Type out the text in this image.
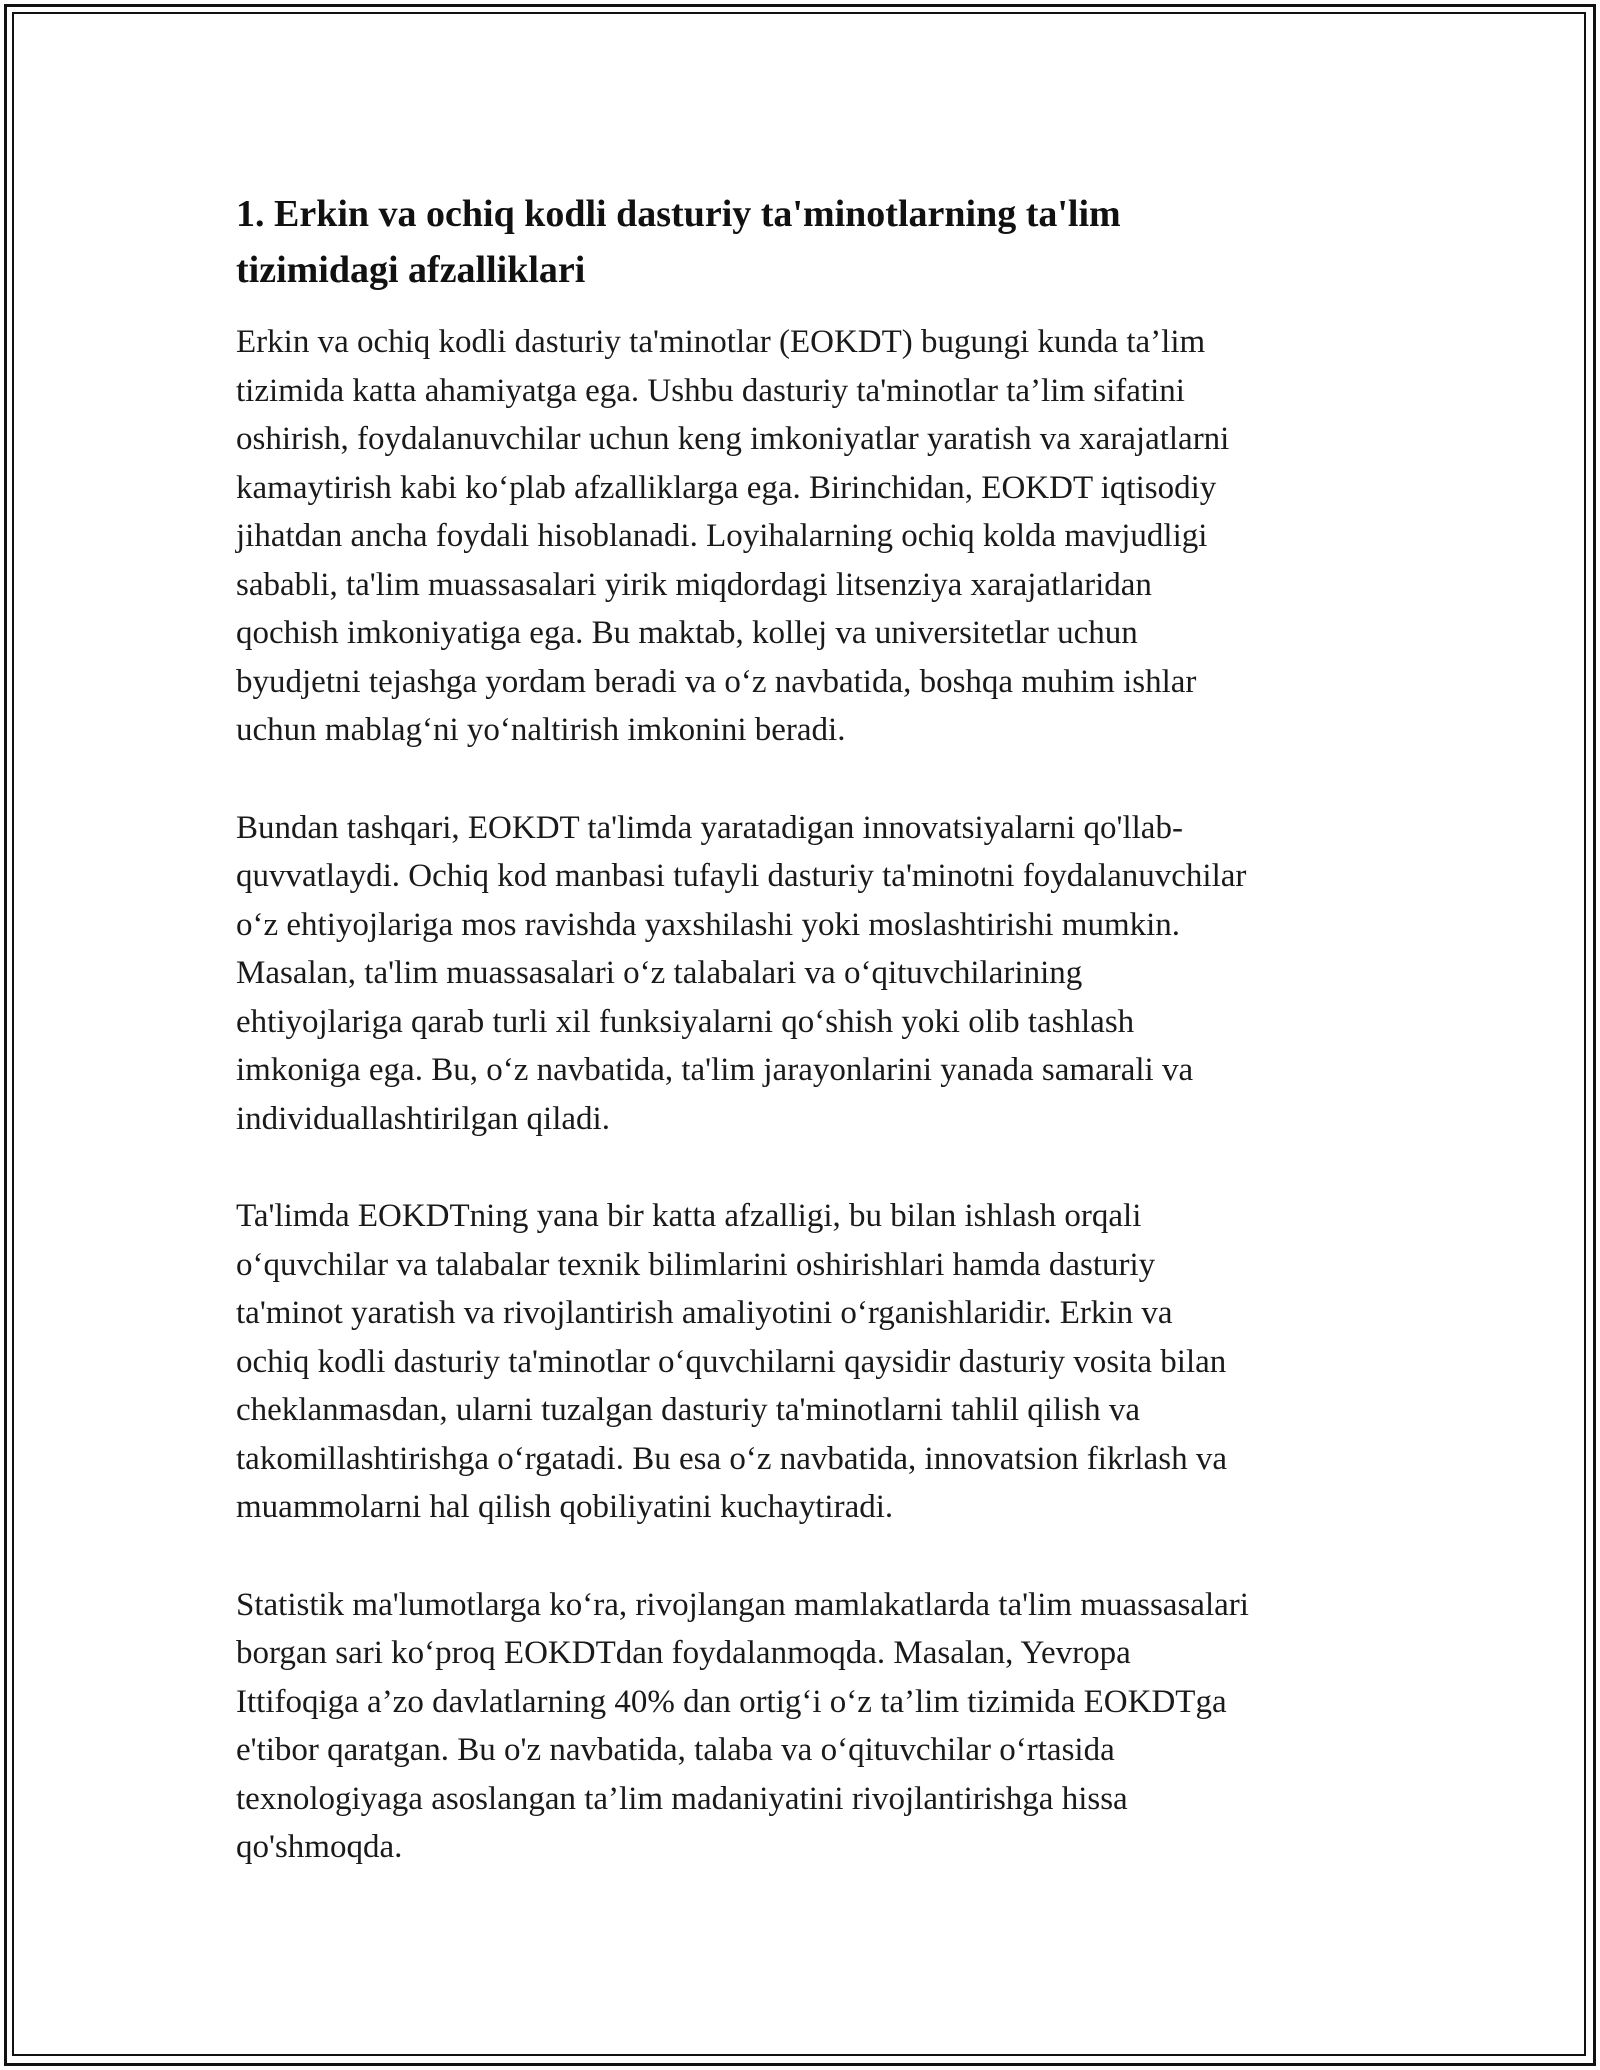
1. Erkin va ochiq kodli dasturiy ta'minotlarning ta'lim
tizimidagi afzalliklari

Erkin va ochiq kodli dasturiy ta'minotlar (EOKDT) bugungi kunda ta’lim
tizimida katta ahamiyatga ega. Ushbu dasturiy ta'minotlar ta’lim sifatini
oshirish, foydalanuvchilar uchun keng imkoniyatlar yaratish va xarajatlarni
kamaytirish kabi ko‘plab afzalliklarga ega. Birinchidan, EOKDT iqtisodiy
jihatdan ancha foydali hisoblanadi. Loyihalarning ochiq kolda mavjudligi
sababli, ta'lim muassasalari yirik miqdordagi litsenziya xarajatlaridan
qochish imkoniyatiga ega. Bu maktab, kollej va universitetlar uchun
byudjetni tejashga yordam beradi va o‘z navbatida, boshqa muhim ishlar
uchun mablag‘ni yo‘naltirish imkonini beradi.

Bundan tashqari, EOKDT ta'limda yaratadigan innovatsiyalarni qo'llab-
quvvatlaydi. Ochiq kod manbasi tufayli dasturiy ta'minotni foydalanuvchilar
o‘z ehtiyojlariga mos ravishda yaxshilashi yoki moslashtirishi mumkin.
Masalan, ta'lim muassasalari o‘z talabalari va o‘qituvchilarining
ehtiyojlariga qarab turli xil funksiyalarni qo‘shish yoki olib tashlash
imkoniga ega. Bu, o‘z navbatida, ta'lim jarayonlarini yanada samarali va
individuallashtirilgan qiladi.

Ta'limda EOKDTning yana bir katta afzalligi, bu bilan ishlash orqali
o‘quvchilar va talabalar texnik bilimlarini oshirishlari hamda dasturiy
ta'minot yaratish va rivojlantirish amaliyotini o‘rganishlaridir. Erkin va
ochiq kodli dasturiy ta'minotlar o‘quvchilarni qaysidir dasturiy vosita bilan
cheklanmasdan, ularni tuzalgan dasturiy ta'minotlarni tahlil qilish va
takomillashtirishga o‘rgatadi. Bu esa o‘z navbatida, innovatsion fikrlash va
muammolarni hal qilish qobiliyatini kuchaytiradi.

Statistik ma'lumotlarga ko‘ra, rivojlangan mamlakatlarda ta'lim muassasalari
borgan sari ko‘proq EOKDTdan foydalanmoqda. Masalan, Yevropa
Ittifoqiga a’zo davlatlarning 40% dan ortig‘i o‘z ta’lim tizimida EOKDTga
e'tibor qaratgan. Bu o'z navbatida, talaba va o‘qituvchilar o‘rtasida
texnologiyaga asoslangan ta’lim madaniyatini rivojlantirishga hissa
qo'shmoqda.
